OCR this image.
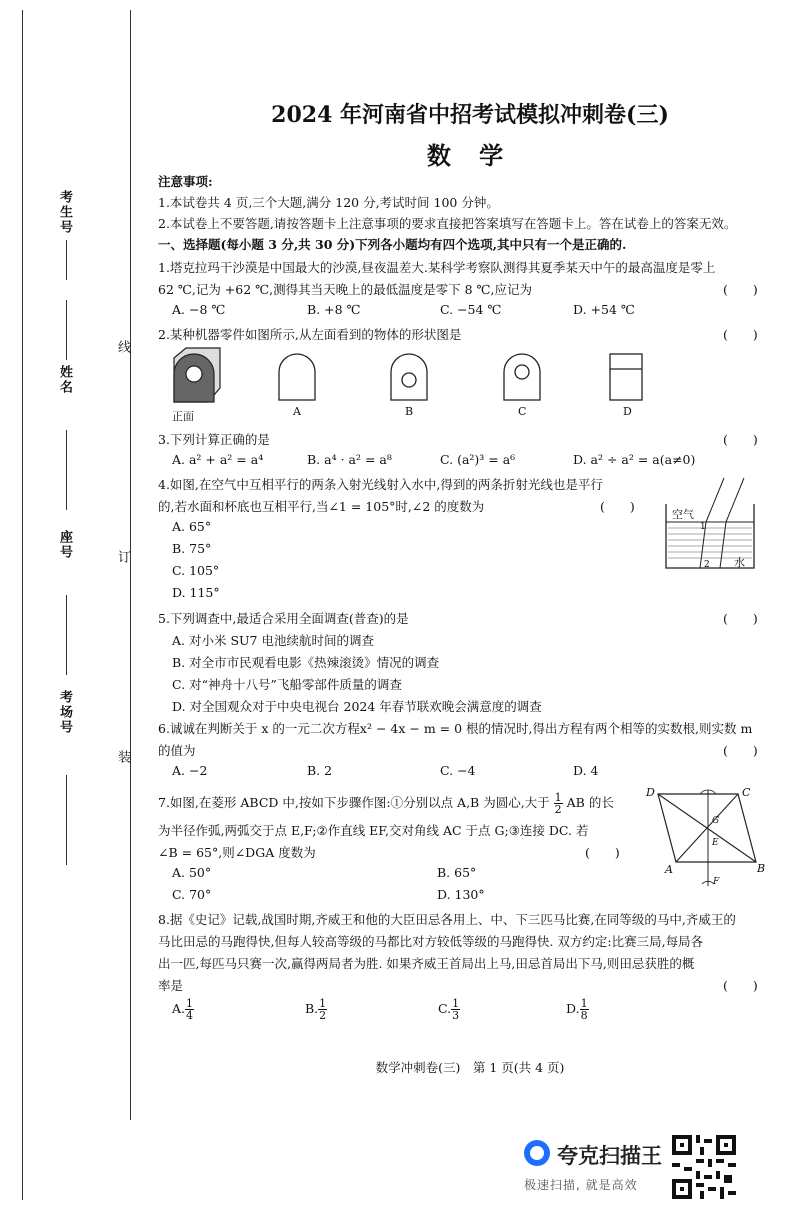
考生号
姓名
座号
考场号
线
订
装
2024 年河南省中招考试模拟冲刺卷(三)
数 学
注意事项:
1.本试卷共 4 页,三个大题,满分 120 分,考试时间 100 分钟。
2.本试卷上不要答题,请按答题卡上注意事项的要求直接把答案填写在答题卡上。答在试卷上的答案无效。
一、选择题(每小题 3 分,共 30 分)下列各小题均有四个选项,其中只有一个是正确的.
1.塔克拉玛干沙漠是中国最大的沙漠,昼夜温差大.某科学考察队测得其夏季某天中午的最高温度是零上
62 ℃,记为 +62 ℃,测得其当天晚上的最低温度是零下 8 ℃,应记为	(　　)
A. −8 ℃	B. +8 ℃	C. −54 ℃	D. +54 ℃
2.某种机器零件如图所示,从左面看到的物体的形状图是	(　　)
正面	A	B	C	D
3.下列计算正确的是	(　　)
A. a² + a² = a⁴	B. a⁴ · a² = a⁸	C. (a²)³ = a⁶	D. a² ÷ a² = a(a≠0)
4.如图,在空气中互相平行的两条入射光线射入水中,得到的两条折射光线也是平行
的,若水面和杯底也互相平行,当∠1 = 105°时,∠2 的度数为	(　　)
A. 65°
B. 75°
C. 105°
D. 115°
空气
水
1
2
5.下列调查中,最适合采用全面调查(普查)的是	(　　)
A. 对小米 SU7 电池续航时间的调查
B. 对全市市民观看电影《热辣滚烫》情况的调查
C. 对“神舟十八号”飞船零部件质量的调查
D. 对全国观众对于中央电视台 2024 年春节联欢晚会满意度的调查
6.诚诚在判断关于 x 的一元二次方程x² − 4x − m = 0 根的情况时,得出方程有两个相等的实数根,则实数 m
的值为	(　　)
A. −2	B. 2	C. −4	D. 4
7.如图,在菱形 ABCD 中,按如下步骤作图:①分别以点 A,B 为圆心,大于 $\frac{1}{2}$ AB 的长
为半径作弧,两弧交于点 E,F;②作直线 EF,交对角线 AC 于点 G;③连接 DC. 若
∠B = 65°,则∠DGA 度数为	(　　)
A. 50°	B. 65°
C. 70°	D. 130°
A	B
C
D
E
F
G
8.据《史记》记载,战国时期,齐威王和他的大臣田忌各用上、中、下三匹马比赛,在同等级的马中,齐威王的
马比田忌的马跑得快,但每人较高等级的马都比对方较低等级的马跑得快. 双方约定:比赛三局,每局各
出一匹,每匹马只赛一次,赢得两局者为胜. 如果齐威王首局出上马,田忌首局出下马,则田忌获胜的概
率是	(　　)
A. $\frac{1}{4}$	B. $\frac{1}{2}$	C. $\frac{1}{3}$	D. $\frac{1}{8}$
数学冲刺卷(三)　第 1 页(共 4 页)
夸克扫描王
极速扫描, 就是高效
